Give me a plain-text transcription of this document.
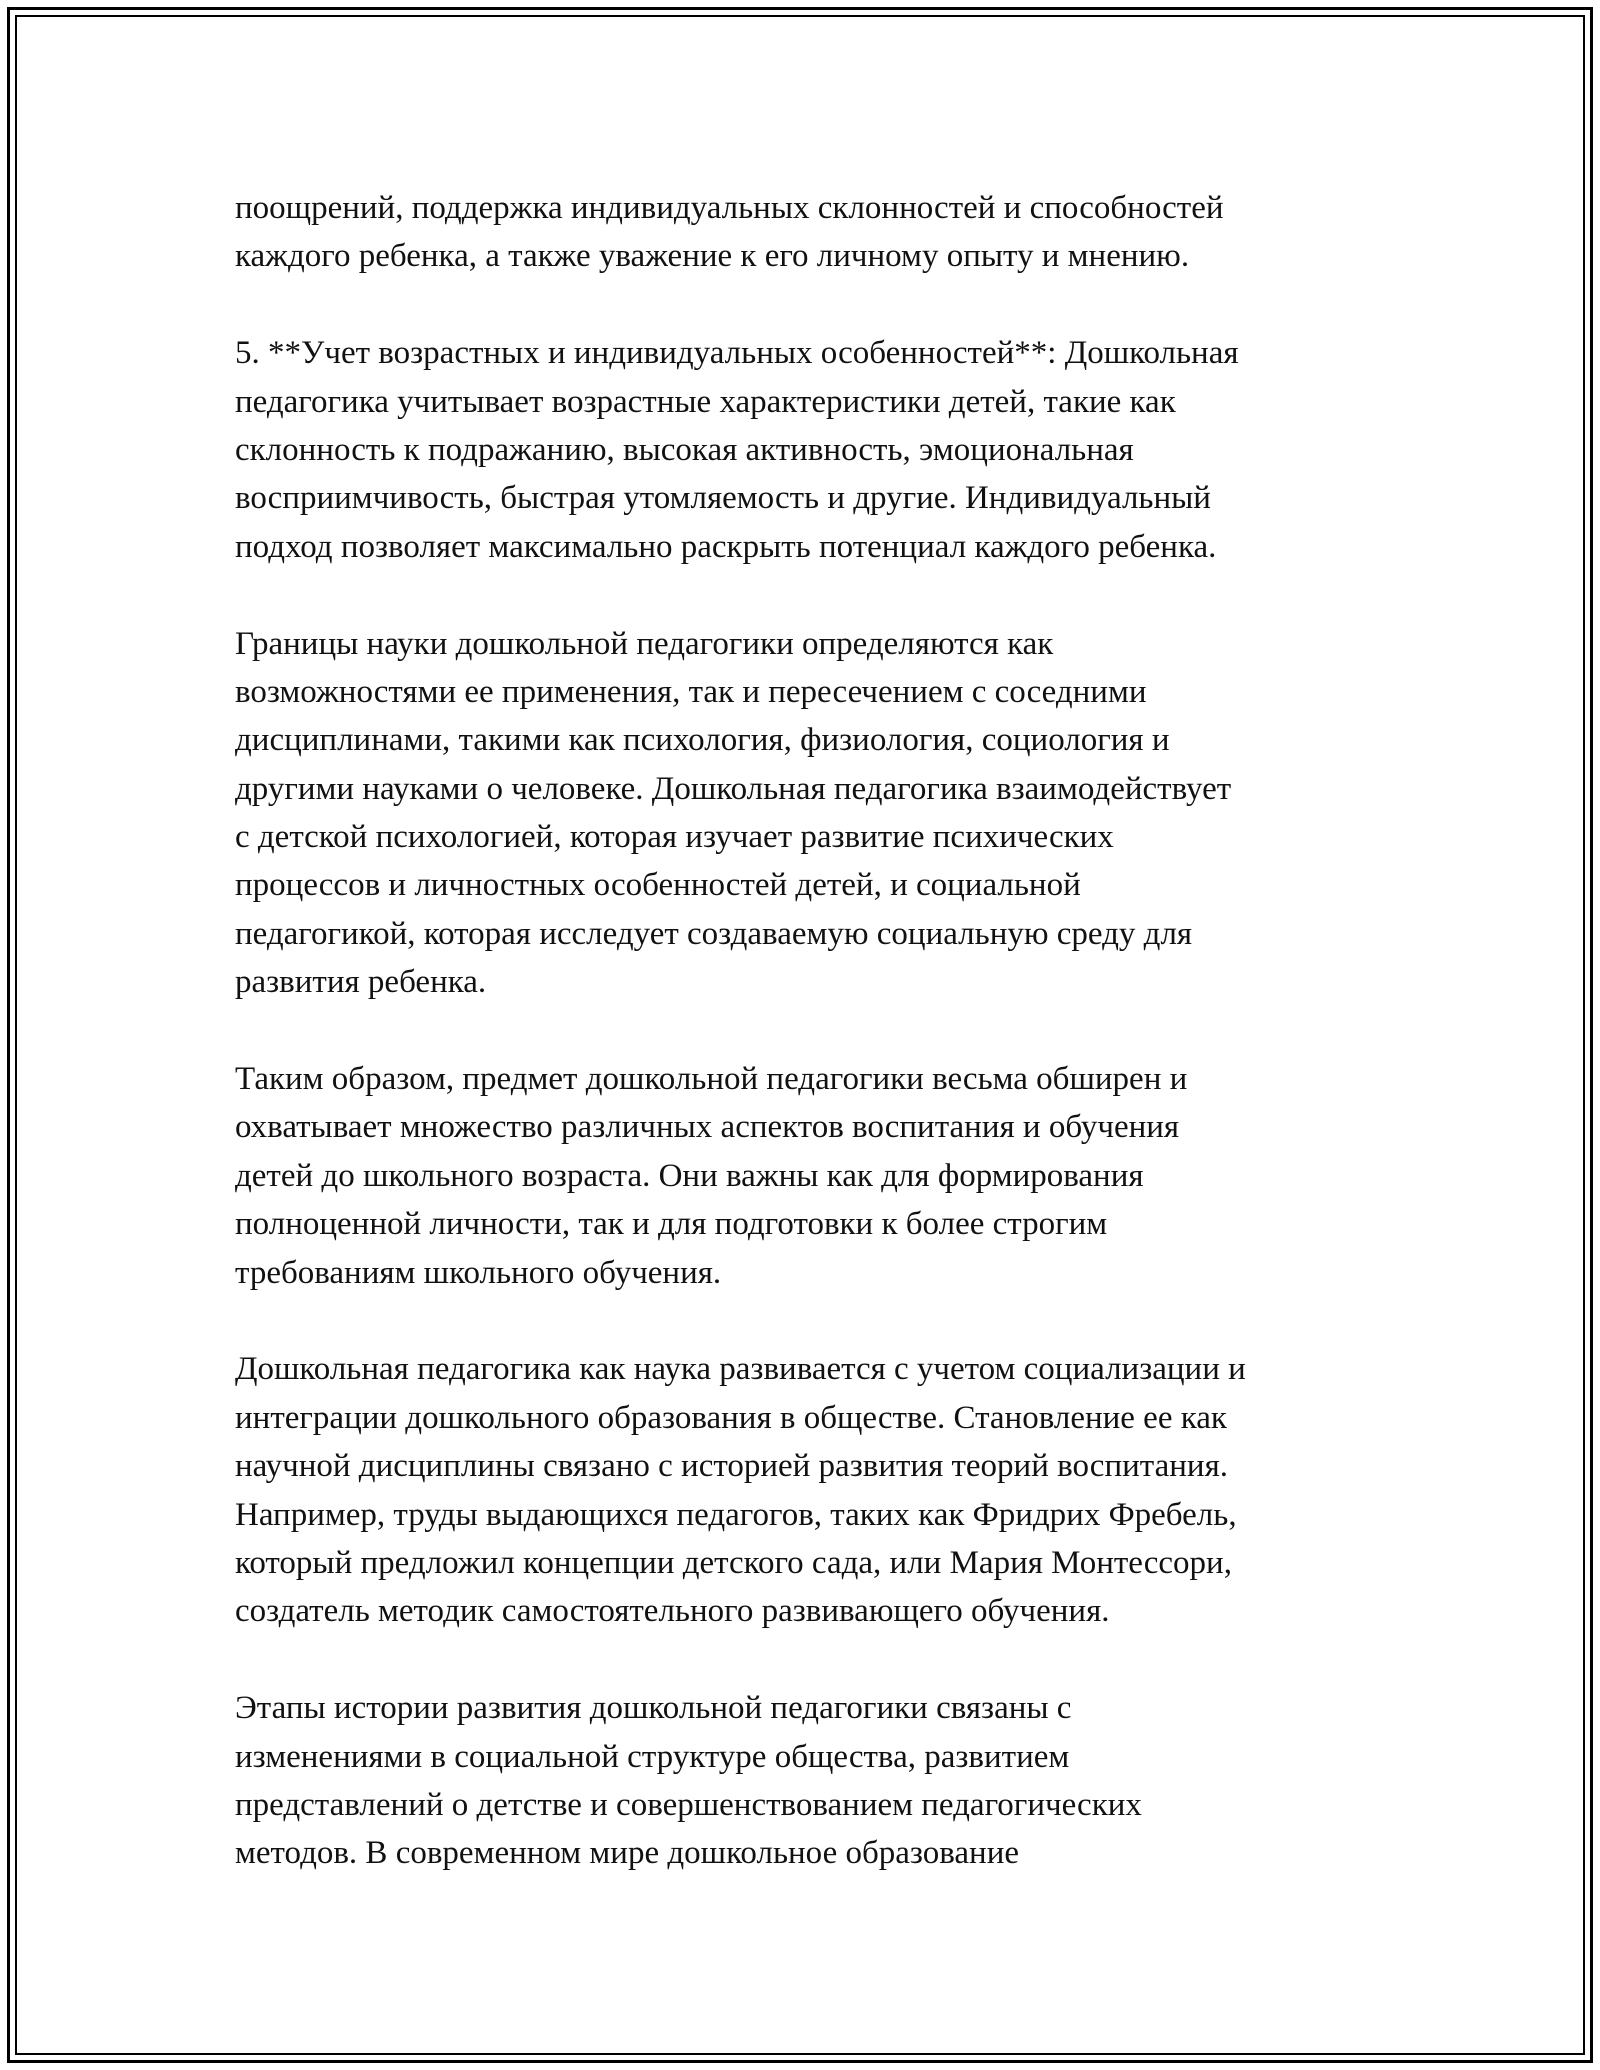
поощрений, поддержка индивидуальных склонностей и способностей
каждого ребенка, а также уважение к его личному опыту и мнению.
5. **Учет возрастных и индивидуальных особенностей**: Дошкольная
педагогика учитывает возрастные характеристики детей, такие как
склонность к подражанию, высокая активность, эмоциональная
восприимчивость, быстрая утомляемость и другие. Индивидуальный
подход позволяет максимально раскрыть потенциал каждого ребенка.
Границы науки дошкольной педагогики определяются как
возможностями ее применения, так и пересечением с соседними
дисциплинами, такими как психология, физиология, социология и
другими науками о человеке. Дошкольная педагогика взаимодействует
с детской психологией, которая изучает развитие психических
процессов и личностных особенностей детей, и социальной
педагогикой, которая исследует создаваемую социальную среду для
развития ребенка.
Таким образом, предмет дошкольной педагогики весьма обширен и
охватывает множество различных аспектов воспитания и обучения
детей до школьного возраста. Они важны как для формирования
полноценной личности, так и для подготовки к более строгим
требованиям школьного обучения.
Дошкольная педагогика как наука развивается с учетом социализации и
интеграции дошкольного образования в обществе. Становление ее как
научной дисциплины связано с историей развития теорий воспитания.
Например, труды выдающихся педагогов, таких как Фридрих Фребель,
который предложил концепции детского сада, или Мария Монтессори,
создатель методик самостоятельного развивающего обучения.
Этапы истории развития дошкольной педагогики связаны с
изменениями в социальной структуре общества, развитием
представлений о детстве и совершенствованием педагогических
методов. В современном мире дошкольное образование
